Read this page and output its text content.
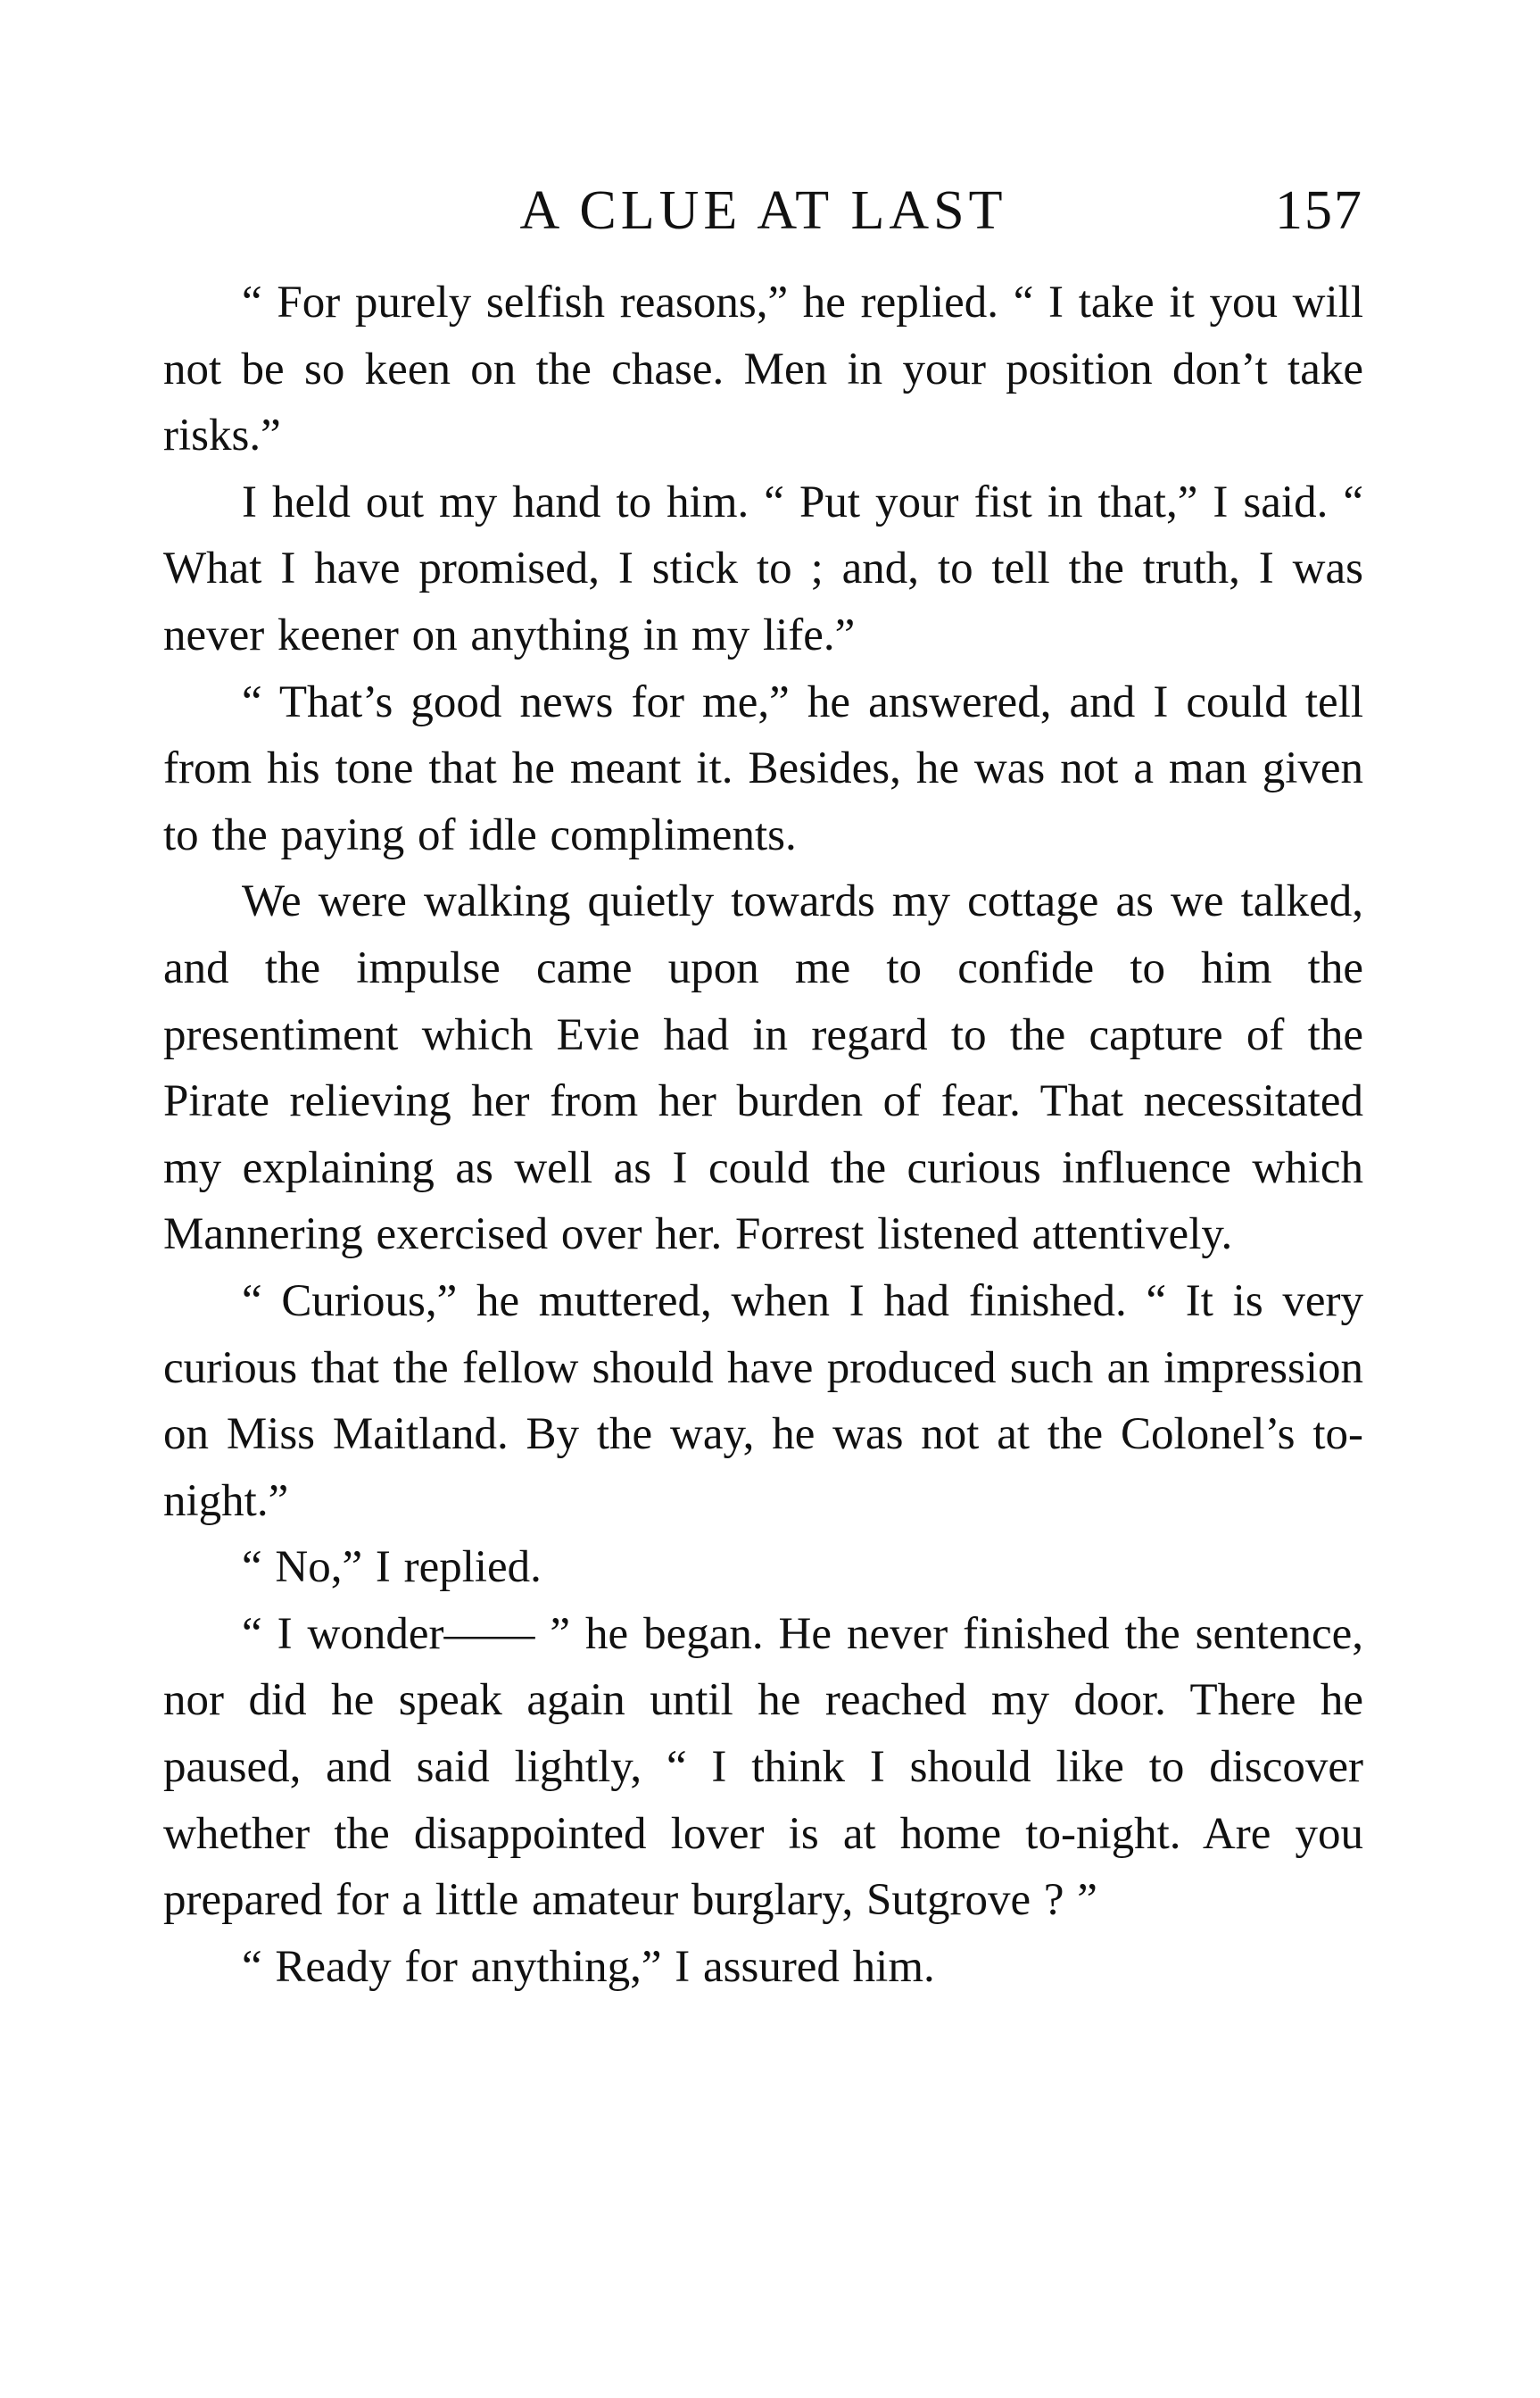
A CLUE AT LAST	157

“ For purely selfish reasons,” he replied. “ I take it you will not be so keen on the chase. Men in your position don’t take risks.”

I held out my hand to him. “ Put your fist in that,” I said. “ What I have promised, I stick to ; and, to tell the truth, I was never keener on anything in my life.”

“ That’s good news for me,” he answered, and I could tell from his tone that he meant it. Besides, he was not a man given to the paying of idle compliments.

We were walking quietly towards my cottage as we talked, and the impulse came upon me to confide to him the presentiment which Evie had in regard to the capture of the Pirate relieving her from her burden of fear. That necessitated my explaining as well as I could the curious influence which Mannering exercised over her. Forrest listened attentively.

“ Curious,” he muttered, when I had finished. “ It is very curious that the fellow should have produced such an impression on Miss Maitland. By the way, he was not at the Colonel’s to-night.”

“ No,” I replied.

“ I wonder—— ” he began. He never finished the sentence, nor did he speak again until he reached my door. There he paused, and said lightly, “ I think I should like to discover whether the disappointed lover is at home to-night. Are you prepared for a little amateur burglary, Sutgrove ? ”

“ Ready for anything,” I assured him.
